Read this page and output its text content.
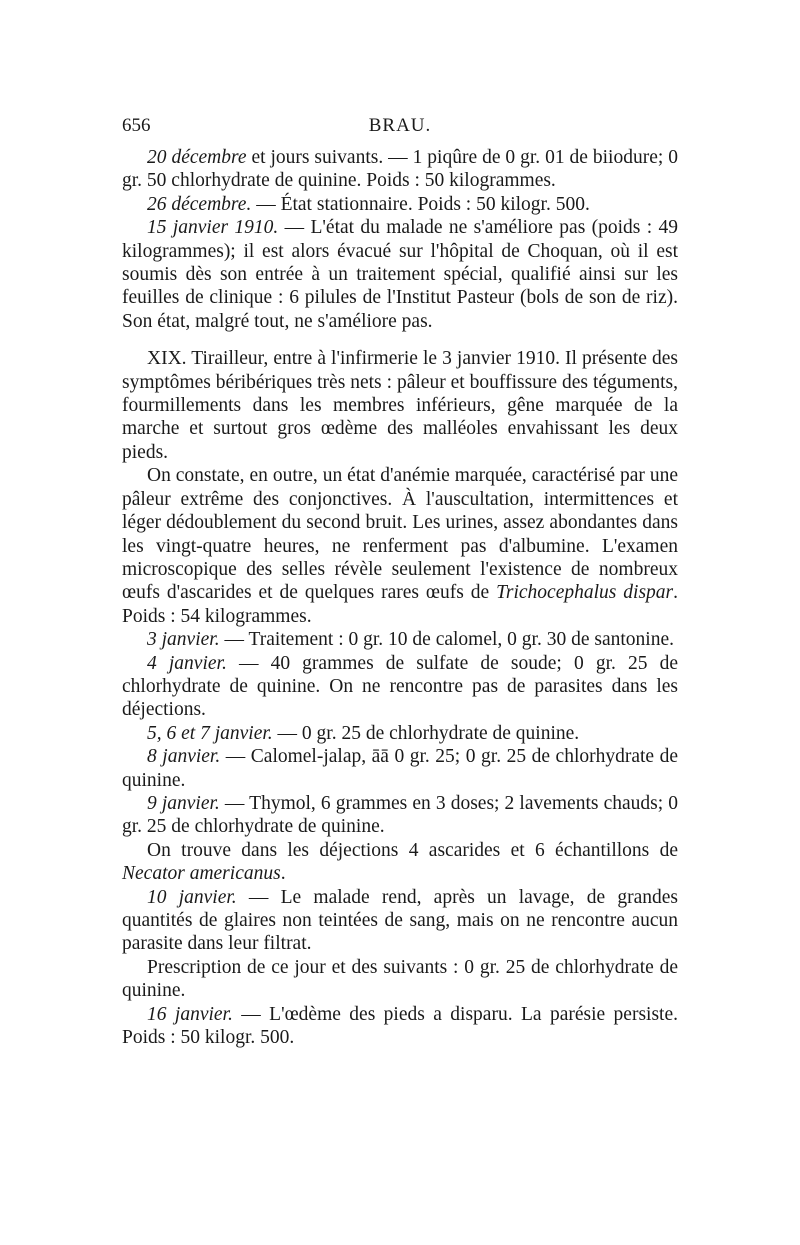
656	BRAU.

20 décembre et jours suivants. — 1 piqûre de 0 gr. 01 de biiodure; 0 gr. 50 chlorhydrate de quinine. Poids : 50 kilogrammes.

26 décembre. — État stationnaire. Poids : 50 kilogr. 500.

15 janvier 1910. — L'état du malade ne s'améliore pas (poids : 49 kilogrammes); il est alors évacué sur l'hôpital de Choquan, où il est soumis dès son entrée à un traitement spécial, qualifié ainsi sur les feuilles de clinique : 6 pilules de l'Institut Pasteur (bols de son de riz). Son état, malgré tout, ne s'améliore pas.

XIX. Tirailleur, entre à l'infirmerie le 3 janvier 1910. Il présente des symptômes béribériques très nets : pâleur et bouffissure des téguments, fourmillements dans les membres inférieurs, gêne marquée de la marche et surtout gros œdème des malléoles envahissant les deux pieds.

On constate, en outre, un état d'anémie marquée, caractérisé par une pâleur extrême des conjonctives. À l'auscultation, intermittences et léger dédoublement du second bruit. Les urines, assez abondantes dans les vingt-quatre heures, ne renferment pas d'albumine. L'examen microscopique des selles révèle seulement l'existence de nombreux œufs d'ascarides et de quelques rares œufs de Trichocephalus dispar. Poids : 54 kilogrammes.

3 janvier. — Traitement : 0 gr. 10 de calomel, 0 gr. 30 de santonine.

4 janvier. — 40 grammes de sulfate de soude; 0 gr. 25 de chlorhydrate de quinine. On ne rencontre pas de parasites dans les déjections.

5, 6 et 7 janvier. — 0 gr. 25 de chlorhydrate de quinine.

8 janvier. — Calomel-jalap, āā 0 gr. 25; 0 gr. 25 de chlorhydrate de quinine.

9 janvier. — Thymol, 6 grammes en 3 doses; 2 lavements chauds; 0 gr. 25 de chlorhydrate de quinine.

On trouve dans les déjections 4 ascarides et 6 échantillons de Necator americanus.

10 janvier. — Le malade rend, après un lavage, de grandes quantités de glaires non teintées de sang, mais on ne rencontre aucun parasite dans leur filtrat.

Prescription de ce jour et des suivants : 0 gr. 25 de chlorhydrate de quinine.

16 janvier. — L'œdème des pieds a disparu. La parésie persiste. Poids : 50 kilogr. 500.
